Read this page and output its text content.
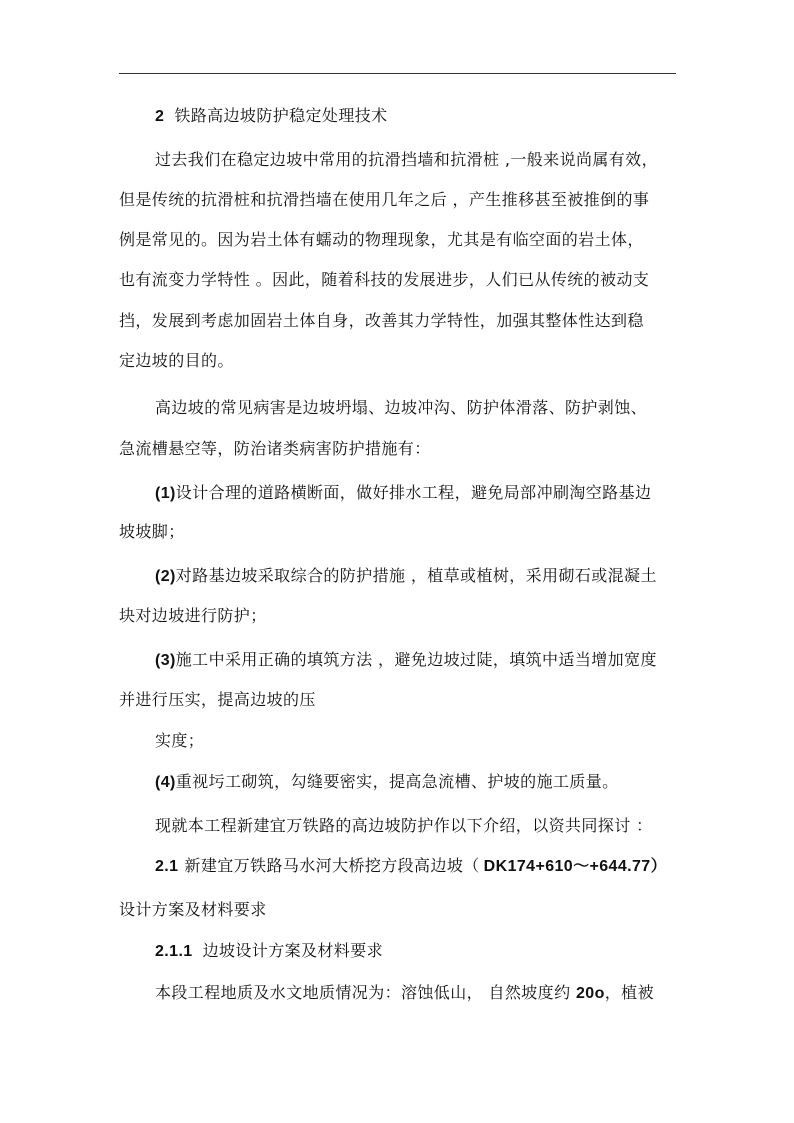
2 铁路高边坡防护稳定处理技术
过去我们在稳定边坡中常用的抗滑挡墙和抗滑桩 ,一般来说尚属有效，
但是传统的抗滑桩和抗滑挡墙在使用几年之后 ，产生推移甚至被推倒的事
例是常见的。因为岩土体有蠕动的物理现象，尤其是有临空面的岩土体，
也有流变力学特性 。因此，随着科技的发展进步，人们已从传统的被动支
挡，发展到考虑加固岩土体自身，改善其力学特性，加强其整体性达到稳
定边坡的目的。
高边坡的常见病害是边坡坍塌、边坡冲沟、防护体滑落、防护剥蚀、
急流槽悬空等，防治诸类病害防护措施有：
(1)设计合理的道路横断面，做好排水工程，避免局部冲刷淘空路基边
坡坡脚；
(2)对路基边坡采取综合的防护措施 ，植草或植树，采用砌石或混凝土
块对边坡进行防护；
(3)施工中采用正确的填筑方法 ，避免边坡过陡，填筑中适当增加宽度
并进行压实，提高边坡的压
实度；
(4)重视圬工砌筑，勾缝要密实，提高急流槽、护坡的施工质量。
现就本工程新建宜万铁路的高边坡防护作以下介绍，以资共同探讨 ：
2.1 新建宜万铁路马水河大桥挖方段高边坡（ DK174+610～+644.77）
设计方案及材料要求
2.1.1 边坡设计方案及材料要求
本段工程地质及水文地质情况为：溶蚀低山， 自然坡度约 20o，植被
